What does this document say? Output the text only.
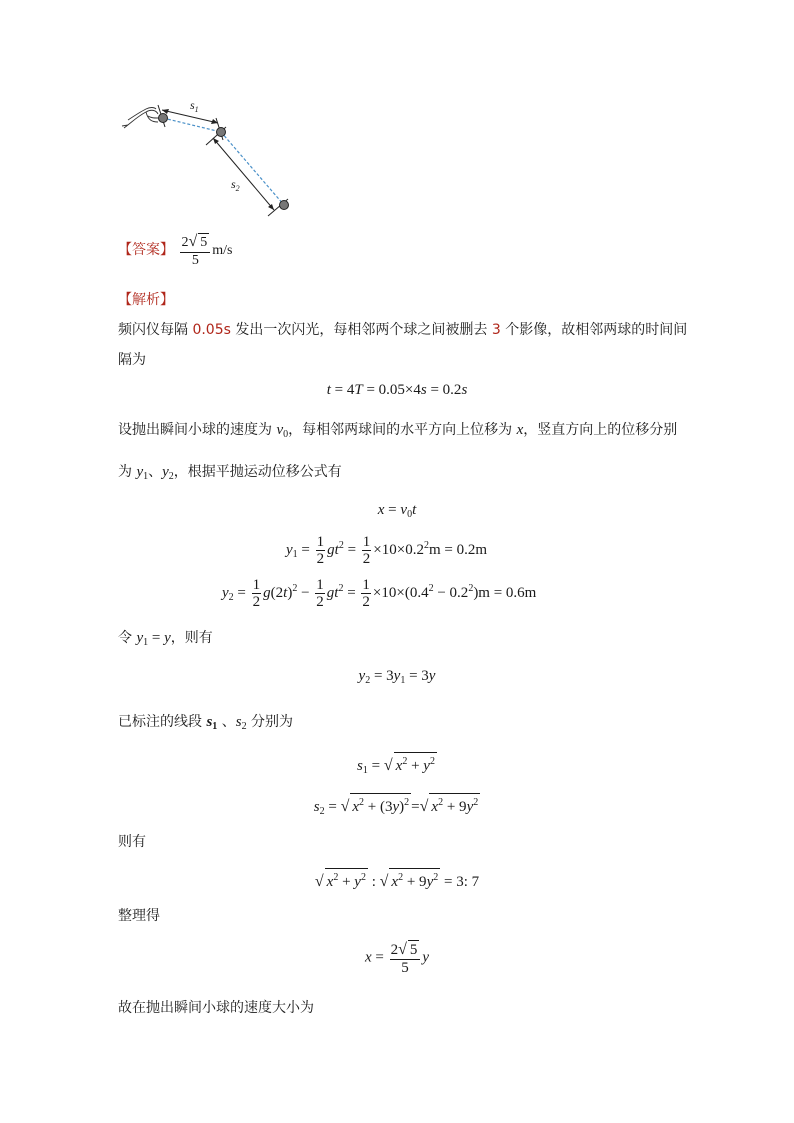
$s_1$
$s_2$
【答案】 $\frac{2√ 5}{5} m/s$
【解析】
频闪仪每隔 0.05s 发出一次闪光，每相邻两个球之间被删去 3 个影像，故相邻两球的时间间
隔为
t = 4T = 0.05×4s = 0.2s
设抛出瞬间小球的速度为 $v_0$，每相邻两球间的水平方向上位移为 x，竖直方向上的位移分别
为 $y_1$、$y_2$，根据平抛运动位移公式有
$x = v_0t$
$y_1 = \frac{1}{2} gt^2 = \frac{1}{2} \times 10\times 0.2^2m = 0.2m$
$y_2 = \frac{1}{2} g(2t)^2 - \frac{1}{2} gt^2 = \frac{1}{2} \times 10\times(0.4^2 - 0.2^2)m = 0.6m$
令 $y_1 = y$，则有
$y_2 = 3y_1 = 3y$
已标注的线段 $s_1$ 、$s_2$ 分别为
$s_1$ = √ $x^2 + y^2$
$s_2$ = √ $x^2 + (3y)^2$ =√ $x^2 + 9y^2$
则有
√ $x^2 + y^2$ : √ $x^2 + 9y^2 = 3$: 7
整理得
$x = \frac{2√ 5}{5}$ y
故在抛出瞬间小球的速度大小为
